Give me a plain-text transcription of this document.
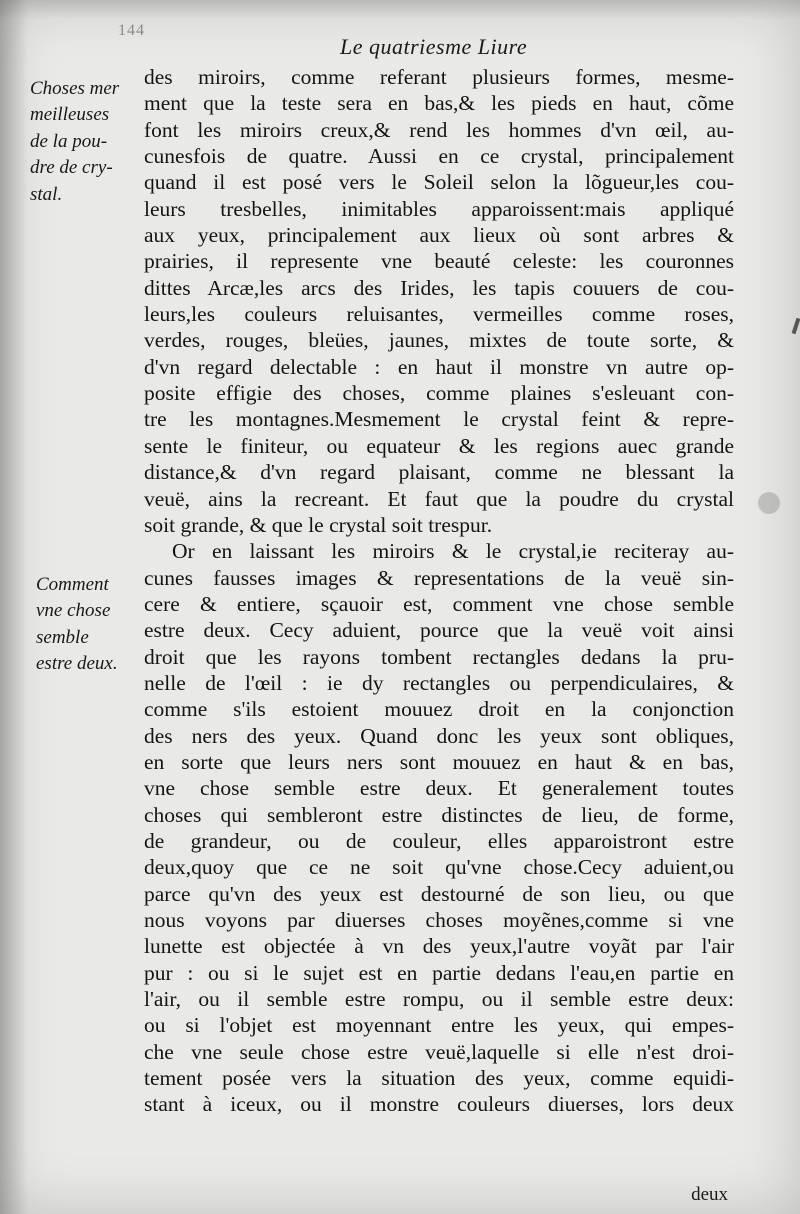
144
Le quatriesme Liure
Choses mer
meilleuses
de la pou-
dre de cry-
stal.
Comment
vne chose
semble
estre deux.
des miroirs, comme referant plusieurs formes, mesme-
ment que la teste sera en bas,& les pieds en haut, cõme
font les miroirs creux,& rend les hommes d'vn œil, au-
cunesfois de quatre. Aussi en ce crystal, principalement
quand il est posé vers le Soleil selon la lõgueur,les cou-
leurs tresbelles, inimitables apparoissent:mais appliqué
aux yeux, principalement aux lieux où sont arbres &
prairies, il represente vne beauté celeste: les couronnes
dittes Arcæ,les arcs des Irides, les tapis couuers de cou-
leurs,les couleurs reluisantes, vermeilles comme roses,
verdes, rouges, bleües, jaunes, mixtes de toute sorte, &
d'vn regard delectable : en haut il monstre vn autre op-
posite effigie des choses, comme plaines s'esleuant con-
tre les montagnes.Mesmement le crystal feint & repre-
sente le finiteur, ou equateur & les regions auec grande
distance,& d'vn regard plaisant, comme ne blessant la
veuë, ains la recreant. Et faut que la poudre du crystal
soit grande, & que le crystal soit trespur.
Or en laissant les miroirs & le crystal,ie reciteray au-
cunes fausses images & representations de la veuë sin-
cere & entiere, sçauoir est, comment vne chose semble
estre deux. Cecy aduient, pource que la veuë voit ainsi
droit que les rayons tombent rectangles dedans la pru-
nelle de l'œil : ie dy rectangles ou perpendiculaires, &
comme s'ils estoient mouuez droit en la conjonction
des ners des yeux. Quand donc les yeux sont obliques,
en sorte que leurs ners sont mouuez en haut & en bas,
vne chose semble estre deux. Et generalement toutes
choses qui sembleront estre distinctes de lieu, de forme,
de grandeur, ou de couleur, elles apparoistront estre
deux,quoy que ce ne soit qu'vne chose.Cecy aduient,ou
parce qu'vn des yeux est destourné de son lieu, ou que
nous voyons par diuerses choses moyẽnes,comme si vne
lunette est objectée à vn des yeux,l'autre voyãt par l'air
pur : ou si le sujet est en partie dedans l'eau,en partie en
l'air, ou il semble estre rompu, ou il semble estre deux:
ou si l'objet est moyennant entre les yeux, qui empes-
che vne seule chose estre veuë,laquelle si elle n'est droi-
tement posée vers la situation des yeux, comme equidi-
stant à iceux, ou il monstre couleurs diuerses, lors deux
deux
